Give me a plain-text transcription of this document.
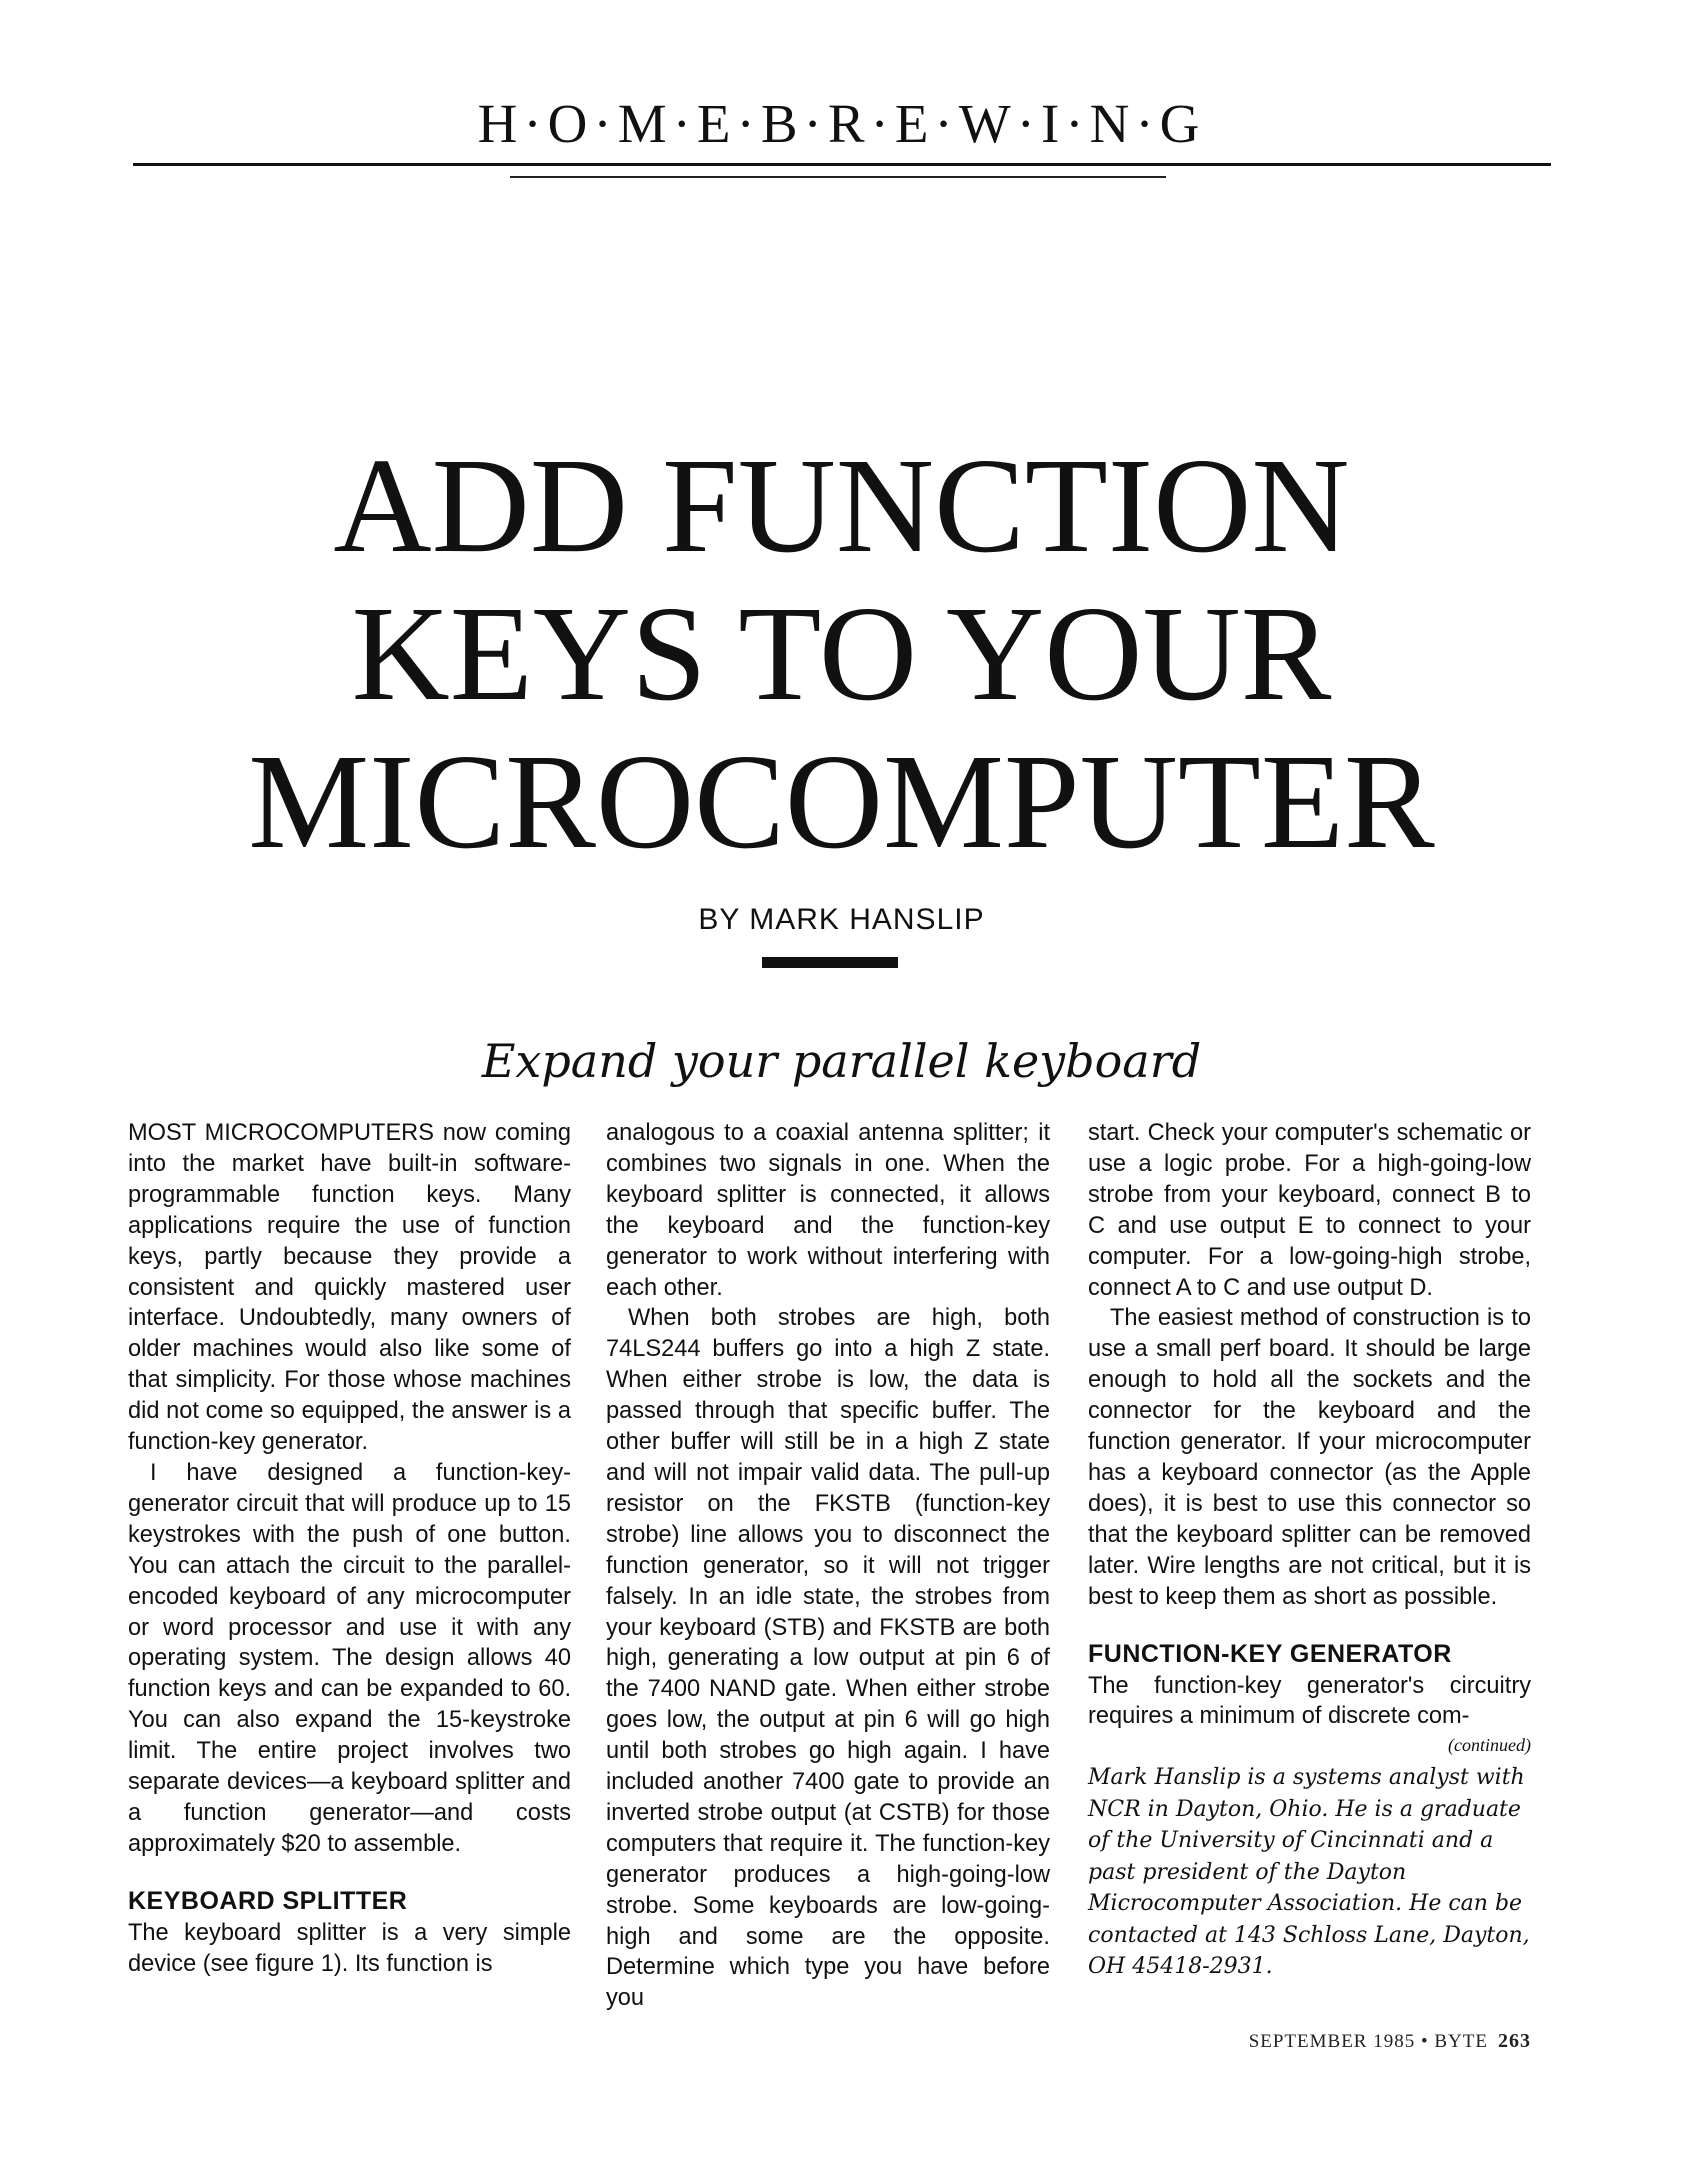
H·O·M·E·B·R·E·W·I·N·G
ADD FUNCTION
KEYS TO YOUR
MICROCOMPUTER
BY MARK HANSLIP
Expand your parallel keyboard

MOST MICROCOMPUTERS now coming into the market have built-in software-programmable function keys. Many applications require the use of function keys, partly because they provide a consistent and quickly mastered user interface. Undoubtedly, many owners of older machines would also like some of that simplicity. For those whose machines did not come so equipped, the answer is a function-key generator.

I have designed a function-key-generator circuit that will produce up to 15 keystrokes with the push of one button. You can attach the circuit to the parallel-encoded keyboard of any microcomputer or word processor and use it with any operating system. The design allows 40 function keys and can be expanded to 60. You can also expand the 15-keystroke limit. The entire project involves two separate devices—a keyboard splitter and a function generator—and costs approximately $20 to assemble.

KEYBOARD SPLITTER

The keyboard splitter is a very simple device (see figure 1). Its function is

analogous to a coaxial antenna splitter; it combines two signals in one. When the keyboard splitter is connected, it allows the keyboard and the function-key generator to work without interfering with each other.

When both strobes are high, both 74LS244 buffers go into a high Z state. When either strobe is low, the data is passed through that specific buffer. The other buffer will still be in a high Z state and will not impair valid data. The pull-up resistor on the FKSTB (function-key strobe) line allows you to disconnect the function generator, so it will not trigger falsely. In an idle state, the strobes from your keyboard (STB) and FKSTB are both high, generating a low output at pin 6 of the 7400 NAND gate. When either strobe goes low, the output at pin 6 will go high until both strobes go high again. I have included another 7400 gate to provide an inverted strobe output (at CSTB) for those computers that require it. The function-key generator produces a high-going-low strobe. Some keyboards are low-going-high and some are the opposite. Determine which type you have before you

start. Check your computer's schematic or use a logic probe. For a high-going-low strobe from your keyboard, connect B to C and use output E to connect to your computer. For a low-going-high strobe, connect A to C and use output D.

The easiest method of construction is to use a small perf board. It should be large enough to hold all the sockets and the connector for the keyboard and the function generator. If your microcomputer has a keyboard connector (as the Apple does), it is best to use this connector so that the keyboard splitter can be removed later. Wire lengths are not critical, but it is best to keep them as short as possible.

FUNCTION-KEY GENERATOR

The function-key generator's circuitry requires a minimum of discrete com-

(continued)
Mark Hanslip is a systems analyst with NCR in Dayton, Ohio. He is a graduate of the University of Cincinnati and a past president of the Dayton Microcomputer Association. He can be contacted at 143 Schloss Lane, Dayton, OH 45418-2931.
SEPTEMBER 1985 • BYTE 263
